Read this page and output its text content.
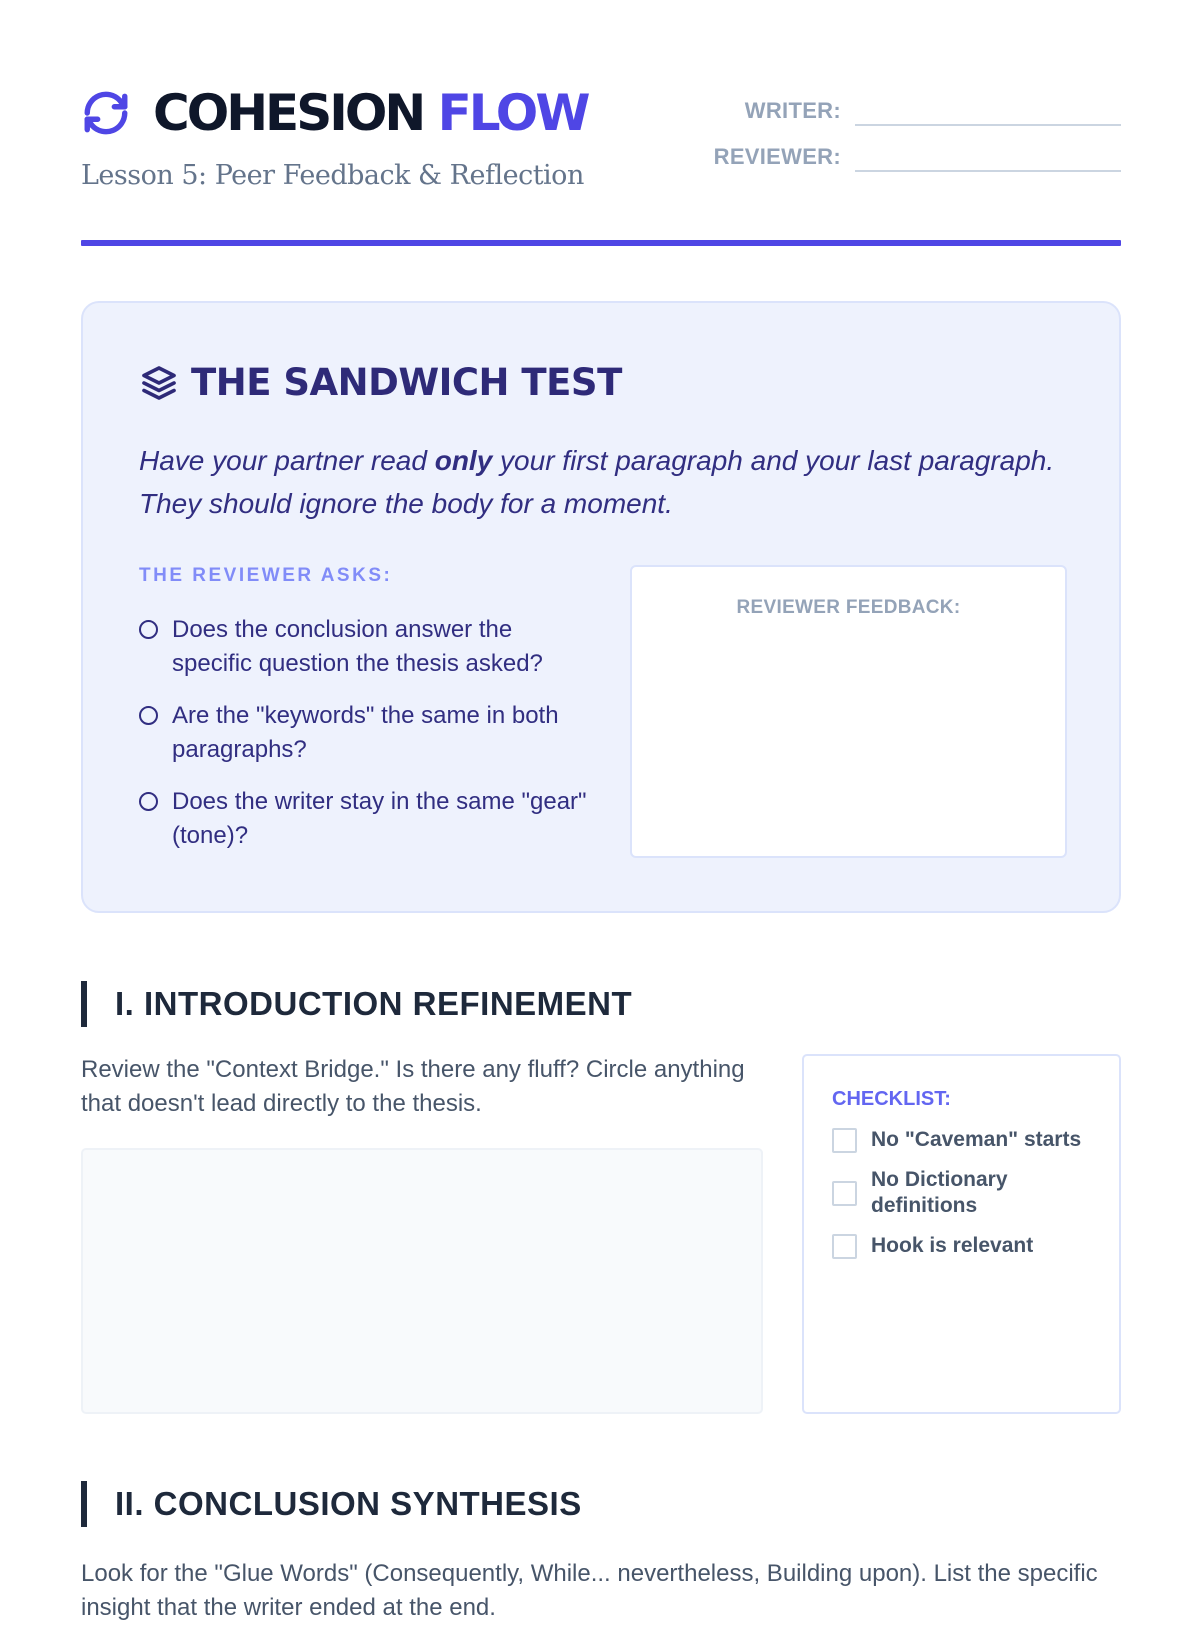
COHESION FLOW
Lesson 5: Peer Feedback & Reflection
WRITER:
REVIEWER:
THE SANDWICH TEST

Have your partner read only your first paragraph and your last paragraph. They should ignore the body for a moment.

THE REVIEWER ASKS:
Does the conclusion answer the specific question the thesis asked?
Are the "keywords" the same in both paragraphs?
Does the writer stay in the same "gear" (tone)?
REVIEWER FEEDBACK:
I. INTRODUCTION REFINEMENT

Review the "Context Bridge." Is there any fluff? Circle anything that doesn't lead directly to the thesis.	CHECKLIST:
No "Caveman" starts
No Dictionary definitions
Hook is relevant
II. CONCLUSION SYNTHESIS

Look for the "Glue Words" (Consequently, While... nevertheless, Building upon). List the specific insight that the writer ended at the end.
